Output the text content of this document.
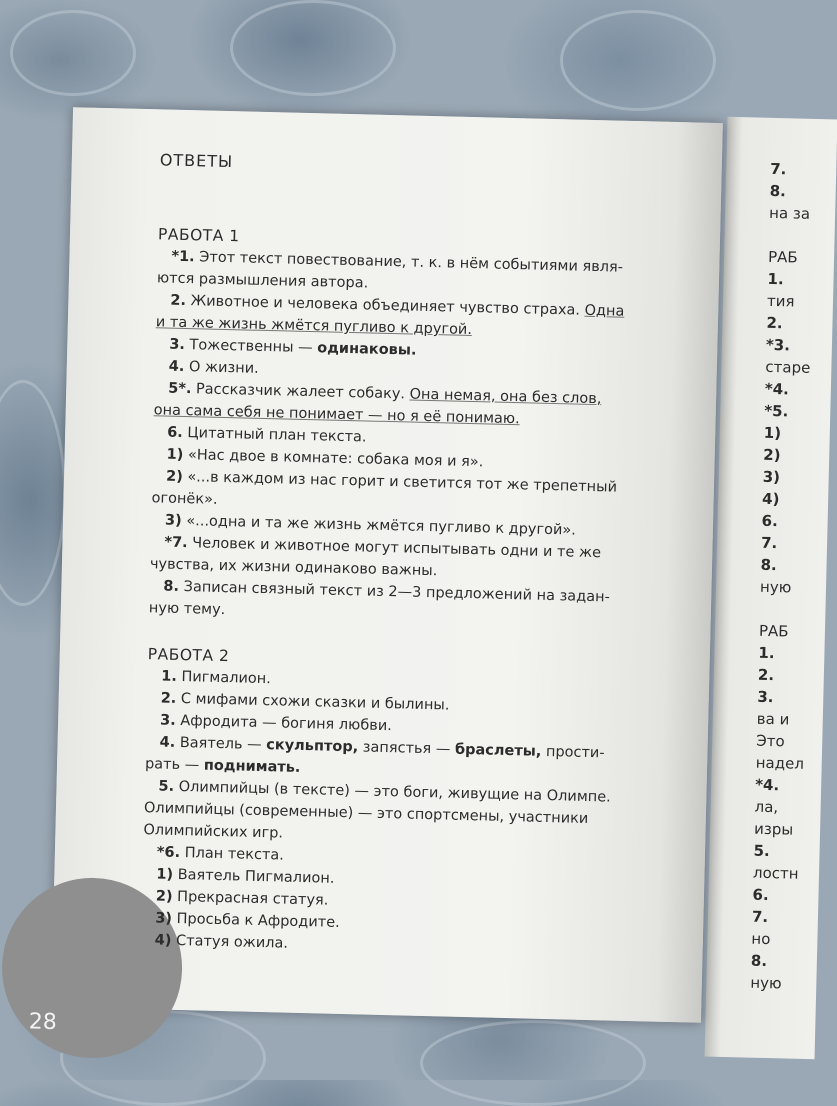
7.
8.
на за

РАБ
1.
тия
2.
*3.
старе
*4.
*5.
1)
2)
3)
4)
6.
7.
8.
ную

РАБ
1.
2.
3.
ва и
Это
надел
*4.
ла,
изры
5.
лостн
6.
7.
но
8.
ную
28
ОТВЕТЫ
РАБОТА 1
*1. Этот текст повествование, т. к. в нём событиями явля-
ются размышления автора.
2. Животное и человека объединяет чувство страха. Одна
и та же жизнь жмётся пугливо к другой.
3. Тожественны — одинаковы.
4. О жизни.
5*. Рассказчик жалеет собаку. Она немая, она без слов,
она сама себя не понимает — но я её понимаю.
6. Цитатный план текста.
1) «Нас двое в комнате: собака моя и я».
2) «...в каждом из нас горит и светится тот же трепетный
огонёк».
3) «...одна и та же жизнь жмётся пугливо к другой».
*7. Человек и животное могут испытывать одни и те же
чувства, их жизни одинаково важны.
8. Записан связный текст из 2—3 предложений на задан-
ную тему.
РАБОТА 2
1. Пигмалион.
2. С мифами схожи сказки и былины.
3. Афродита — богиня любви.
4. Ваятель — скульптор, запястья — браслеты, прости-
рать — поднимать.
5. Олимпийцы (в тексте) — это боги, живущие на Олимпе.
Олимпийцы (современные) — это спортсмены, участники
Олимпийских игр.
*6. План текста.
1) Ваятель Пигмалион.
2) Прекрасная статуя.
3) Просьба к Афродите.
4) Статуя ожила.
